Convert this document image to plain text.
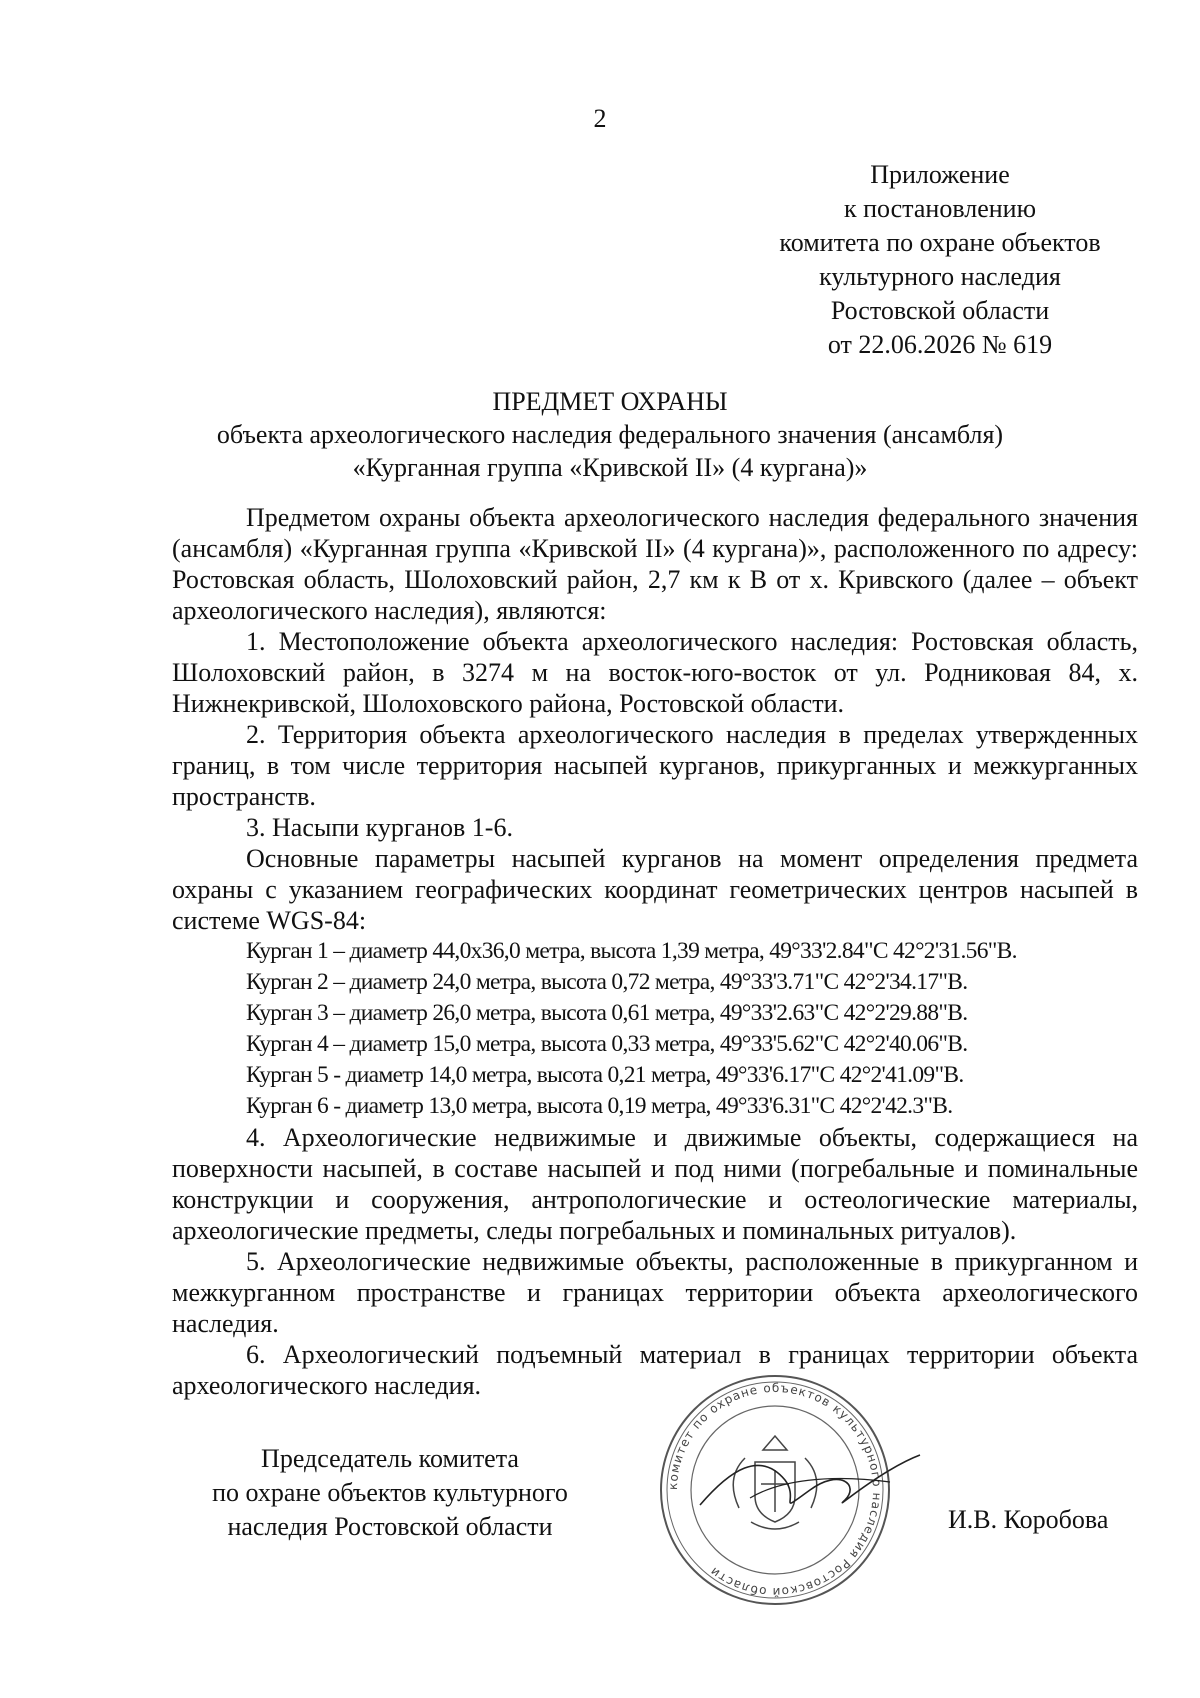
2
Приложение
к постановлению
комитета по охране объектов
культурного наследия
Ростовской области
от 22.06.2026 № 619
ПРЕДМЕТ ОХРАНЫ
объекта археологического наследия федерального значения (ансамбля)
«Курганная группа «Кривской II» (4 кургана)»

Предметом охраны объекта археологического наследия федерального значения (ансамбля) «Курганная группа «Кривской II» (4 кургана)», расположенного по адресу: Ростовская область, Шолоховский район, 2,7 км к В от х. Кривского (далее – объект археологического наследия), являются:

1. Местоположение объекта археологического наследия: Ростовская область, Шолоховский район, в 3274 м на восток-юго-восток от ул. Родниковая 84, х. Нижнекривской, Шолоховского района, Ростовской области.

2. Территория объекта археологического наследия в пределах утвержденных границ, в том числе территория насыпей курганов, прикурганных и межкурганных пространств.

3. Насыпи курганов 1-6.

Основные параметры насыпей курганов на момент определения предмета охраны с указанием географических координат геометрических центров насыпей в системе WGS-84:

Курган 1 – диаметр 44,0х36,0 метра, высота 1,39 метра, 49°33'2.84"С 42°2'31.56"В.
Курган 2 – диаметр 24,0 метра, высота 0,72 метра, 49°33'3.71"С 42°2'34.17"В.
Курган 3 – диаметр 26,0 метра, высота 0,61 метра, 49°33'2.63"С 42°2'29.88"В.
Курган 4 – диаметр 15,0 метра, высота 0,33 метра, 49°33'5.62"С 42°2'40.06"В.
Курган 5 - диаметр 14,0 метра, высота 0,21 метра, 49°33'6.17"С 42°2'41.09"В.
Курган 6 - диаметр 13,0 метра, высота 0,19 метра, 49°33'6.31"С 42°2'42.3"В.

4. Археологические недвижимые и движимые объекты, содержащиеся на поверхности насыпей, в составе насыпей и под ними (погребальные и поминальные конструкции и сооружения, антропологические и остеологические материалы, археологические предметы, следы погребальных и поминальных ритуалов).

5. Археологические недвижимые объекты, расположенные в прикурганном и межкурганном пространстве и границах территории объекта археологического наследия.

6. Археологический подъемный материал в границах территории объекта археологического наследия.

Председатель комитета
по охране объектов культурного
наследия Ростовской области
комитет по охране объектов культурного наследия Ростовской области
И.В. Коробова
